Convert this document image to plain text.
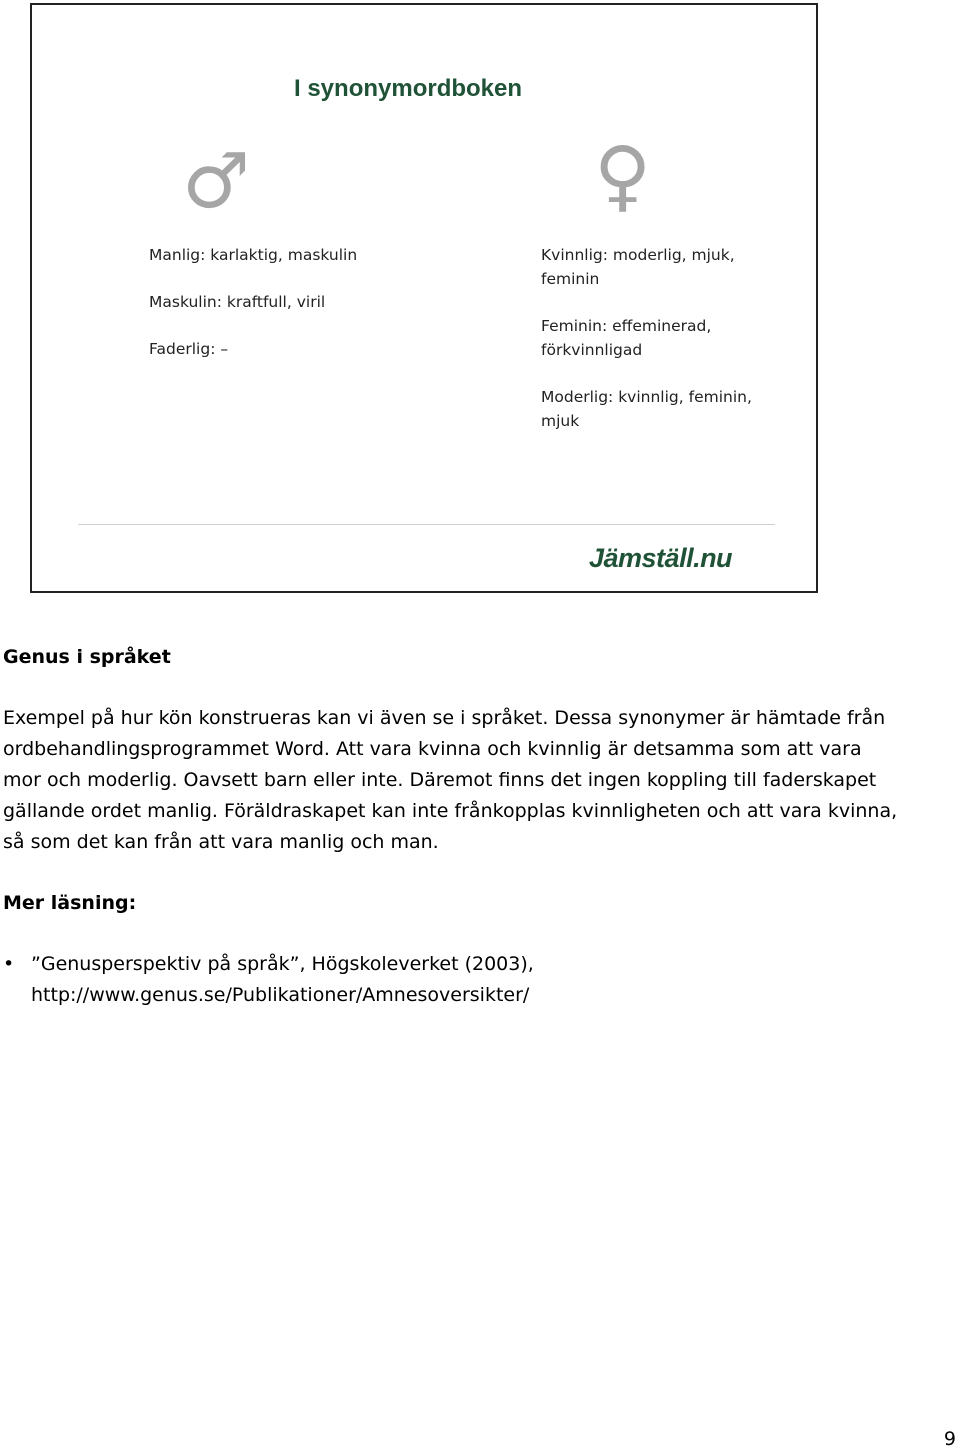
I synonymordboken
♂	♀

Manlig: karlaktig, maskulin

Maskulin: kraftfull, viril

Faderlig: –

Kvinnlig: moderlig, mjuk, feminin

Feminin: effeminerad, förkvinnligad

Moderlig: kvinnlig, feminin, mjuk

Jämställ.nu
Genus i språket

Exempel på hur kön konstrueras kan vi även se i språket. Dessa synonymer är hämtade från ordbehandlingsprogrammet Word. Att vara kvinna och kvinnlig är detsamma som att vara mor och moderlig. Oavsett barn eller inte. Däremot finns det ingen koppling till faderskapet gällande ordet manlig. Föräldraskapet kan inte frånkopplas kvinnligheten och att vara kvinna, så som det kan från att vara manlig och man.

Mer läsning:
• ”Genusperspektiv på språk”, Högskoleverket (2003),
http://www.genus.se/Publikationer/Amnesoversikter/
9
